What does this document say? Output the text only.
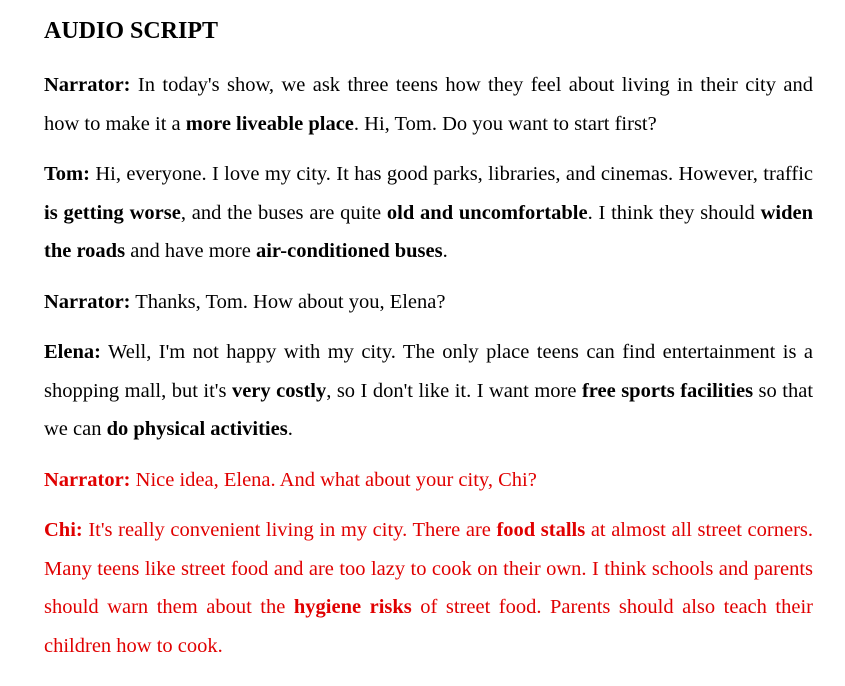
AUDIO SCRIPT

Narrator: In today's show, we ask three teens how they feel about living in their city and how to make it a more liveable place. Hi, Tom. Do you want to start first?

Tom: Hi, everyone. I love my city. It has good parks, libraries, and cinemas. However, traffic is getting worse, and the buses are quite old and uncomfortable. I think they should widen the roads and have more air-conditioned buses.

Narrator: Thanks, Tom. How about you, Elena?

Elena: Well, I'm not happy with my city. The only place teens can find entertainment is a shopping mall, but it's very costly, so I don't like it. I want more free sports facilities so that we can do physical activities.

Narrator: Nice idea, Elena. And what about your city, Chi?

Chi: It's really convenient living in my city. There are food stalls at almost all street corners. Many teens like street food and are too lazy to cook on their own. I think schools and parents should warn them about the hygiene risks of street food. Parents should also teach their children how to cook.
